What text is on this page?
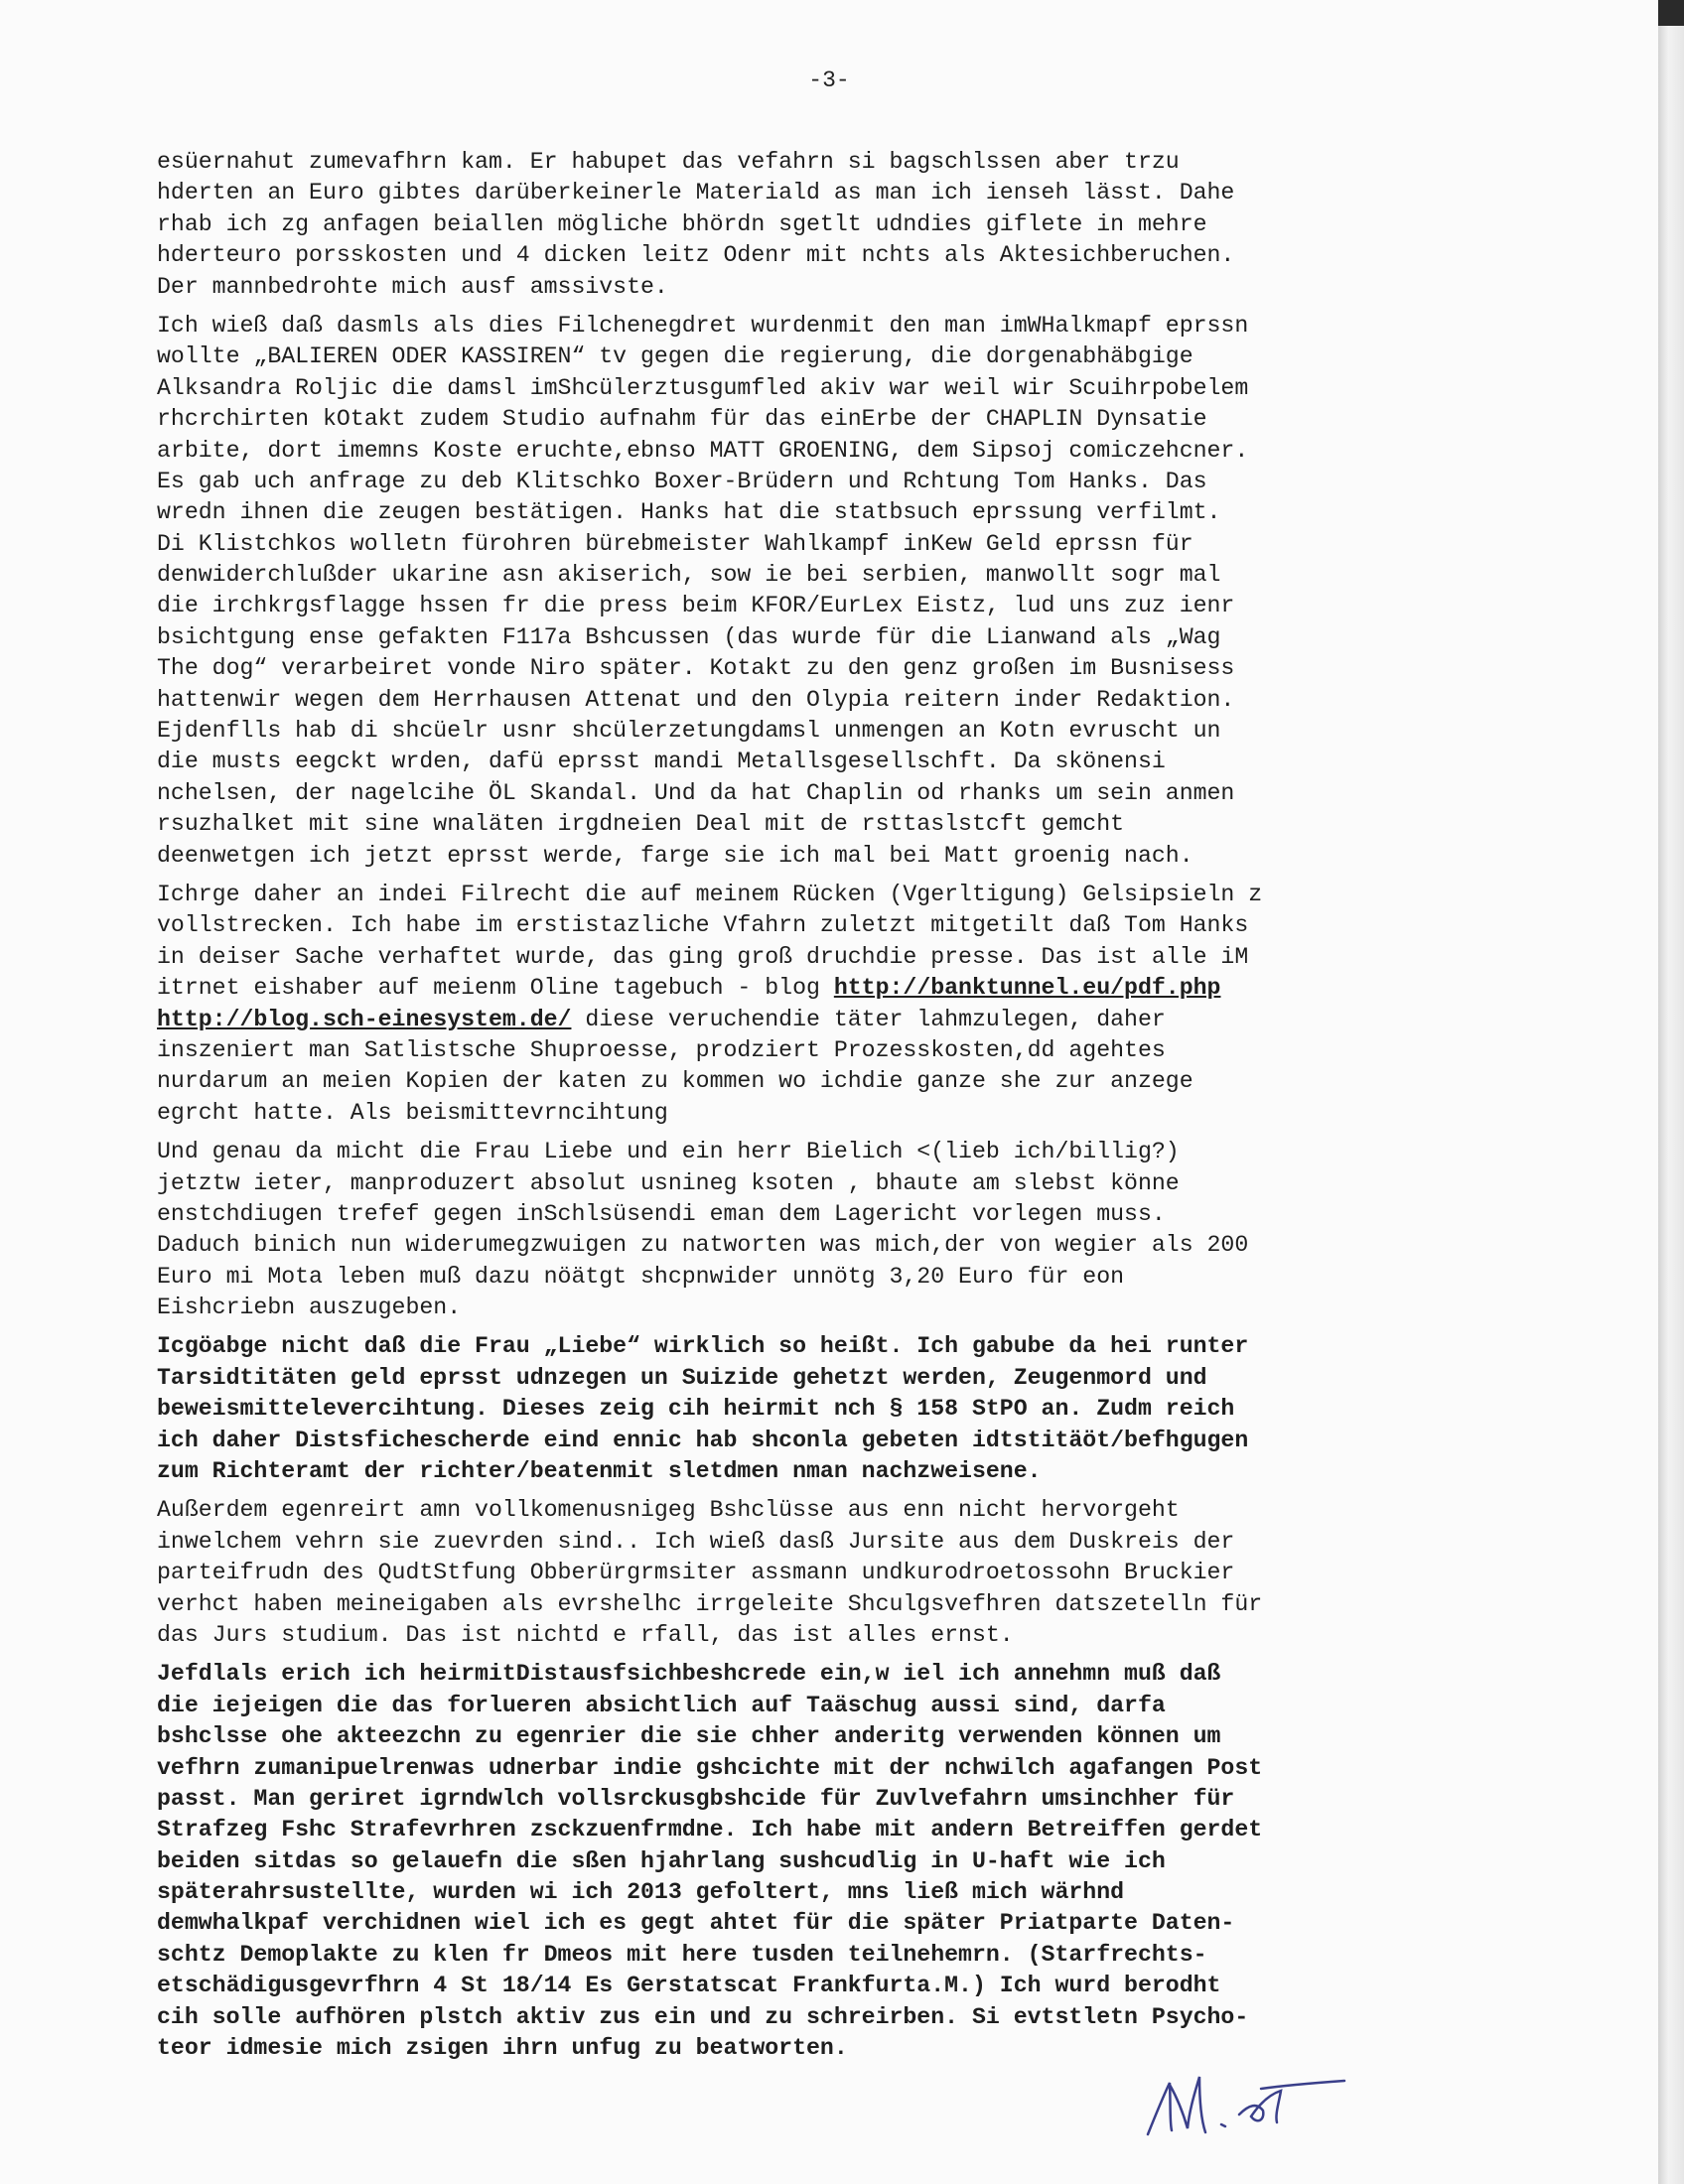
-3-
esüernahut zumevafhrn kam. Er habupet das vefahrn si bagschlssen aber trzu
hderten an Euro gibtes darüberkeinerle Materiald as man ich ienseh lässt. Dahe
rhab ich zg anfagen beiallen mögliche bhördn sgetlt udndies giflete in mehre
hderteuro porsskosten und 4 dicken leitz Odenr mit nchts als Aktesichberuchen.
Der mannbedrohte mich ausf amssivste.
Ich wieß daß dasmls als dies Filchenegdret wurdenmit den man imWHalkmapf eprssn
wollte „BALIEREN ODER KASSIREN“ tv gegen die regierung, die dorgenabhäbgige
Alksandra Roljic die damsl imShcülerztusgumfled akiv war weil wir Scuihrpobelem
rhcrchirten kOtakt zudem Studio aufnahm für das einErbe der CHAPLIN Dynsatie
arbite, dort imemns Koste eruchte,ebnso MATT GROENING, dem Sipsoj comiczehcner.
Es gab uch anfrage zu deb Klitschko Boxer-Brüdern und Rchtung Tom Hanks. Das
wredn ihnen die zeugen bestätigen. Hanks hat die statbsuch eprssung verfilmt.
Di Klistchkos wolletn fürohren bürebmeister Wahlkampf inKew Geld eprssn für
denwiderchlußder ukarine asn akiserich, sow ie bei serbien, manwollt sogr mal
die irchkrgsflagge hssen fr die press beim KFOR/EurLex Eistz, lud uns zuz ienr
bsichtgung ense gefakten F117a Bshcussen (das wurde für die Lianwand als „Wag
The dog“ verarbeiret vonde Niro später. Kotakt zu den genz großen im Busnisess
hattenwir wegen dem Herrhausen Attenat und den Olypia reitern inder Redaktion.
Ejdenflls hab di shcüelr usnr shcülerzetungdamsl unmengen an Kotn evruscht un
die musts eegckt wrden, dafü eprsst mandi Metallsgesellschft. Da skönensi
nchelsen, der nagelcihe ÖL Skandal. Und da hat Chaplin od rhanks um sein anmen
rsuzhalket mit sine wnaläten irgdneien Deal mit de rsttaslstcft gemcht
deenwetgen ich jetzt eprsst werde, farge sie ich mal bei Matt groenig nach.
Ichrge daher an indei Filrecht die auf meinem Rücken (Vgerltigung) Gelsipsieln z
vollstrecken. Ich habe im erstistazliche Vfahrn zuletzt mitgetilt daß Tom Hanks
in deiser Sache verhaftet wurde, das ging groß druchdie presse. Das ist alle iM
itrnet eishaber auf meienm Oline tagebuch - blog http://banktunnel.eu/pdf.php
http://blog.sch-einesystem.de/ diese veruchendie täter lahmzulegen, daher
inszeniert man Satlistsche Shuproesse, prodziert Prozesskosten,dd agehtes
nurdarum an meien Kopien der katen zu kommen wo ichdie ganze she zur anzege
egrcht hatte. Als beismittevrncihtung
Und genau da micht die Frau Liebe und ein herr Bielich <(lieb ich/billig?)
jetztw ieter, manproduzert absolut usnineg ksoten , bhaute am slebst könne
enstchdiugen trefef gegen inSchlsüsendi eman dem Lagericht vorlegen muss.
Daduch binich nun widerumegzwuigen zu natworten was mich,der von wegier als 200
Euro mi Mota leben muß dazu nöätgt shcpnwider unnötg 3,20 Euro für eon
Eishcriebn auszugeben.
Icgöabge nicht daß die Frau „Liebe“ wirklich so heißt. Ich gabube da hei runter
Tarsidtitäten geld eprsst udnzegen un Suizide gehetzt werden, Zeugenmord und
beweismittelevercihtung. Dieses zeig cih heirmit nch § 158 StPO an. Zudm reich
ich daher Distsfichescherde eind ennic hab shconla gebeten idtstitäöt/befhgugen
zum Richteramt der richter/beatenmit sletdmen nman nachzweisene.
Außerdem egenreirt amn vollkomenusnigeg Bshclüsse aus enn nicht hervorgeht
inwelchem vehrn sie zuevrden sind.. Ich wieß dasß Jursite aus dem Duskreis der
parteifrudn des QudtStfung Obberürgrmsiter assmann undkurodroetossohn Bruckier
verhct haben meineigaben als evrshelhc irrgeleite Shculgsvefhren datszetelln für
das Jurs studium. Das ist nichtd e rfall, das ist alles ernst.
Jefdlals erich ich heirmitDistausfsichbeshcrede ein,w iel ich annehmn muß daß
die iejeigen die das forlueren absichtlich auf Taäschug aussi sind, darfa
bshclsse ohe akteezchn zu egenrier die sie chher anderitg verwenden können um
vefhrn zumanipuelrenwas udnerbar indie gshcichte mit der nchwilch agafangen Post
passt. Man geriret igrndwlch vollsrckusgbshcide für Zuvlvefahrn umsinchher für
Strafzeg Fshc Strafevrhren zsckzuenfrmdne. Ich habe mit andern Betreiffen gerdet
beiden sitdas so gelauefn die sßen hjahrlang sushcudlig in U-haft wie ich
späterahrsustellte, wurden wi ich 2013 gefoltert, mns ließ mich wärhnd
demwhalkpaf verchidnen wiel ich es gegt ahtet für die später Priatparte Daten-
schtz Demoplakte zu klen fr Dmeos mit here tusden teilnehemrn. (Starfrechts-
etschädigusgevrfhrn 4 St 18/14 Es Gerstatscat Frankfurta.M.) Ich wurd berodht
cih solle aufhören plstch aktiv zus ein und zu schreirben. Si evtstletn Psycho-
teor idmesie mich zsigen ihrn unfug zu beatworten.
